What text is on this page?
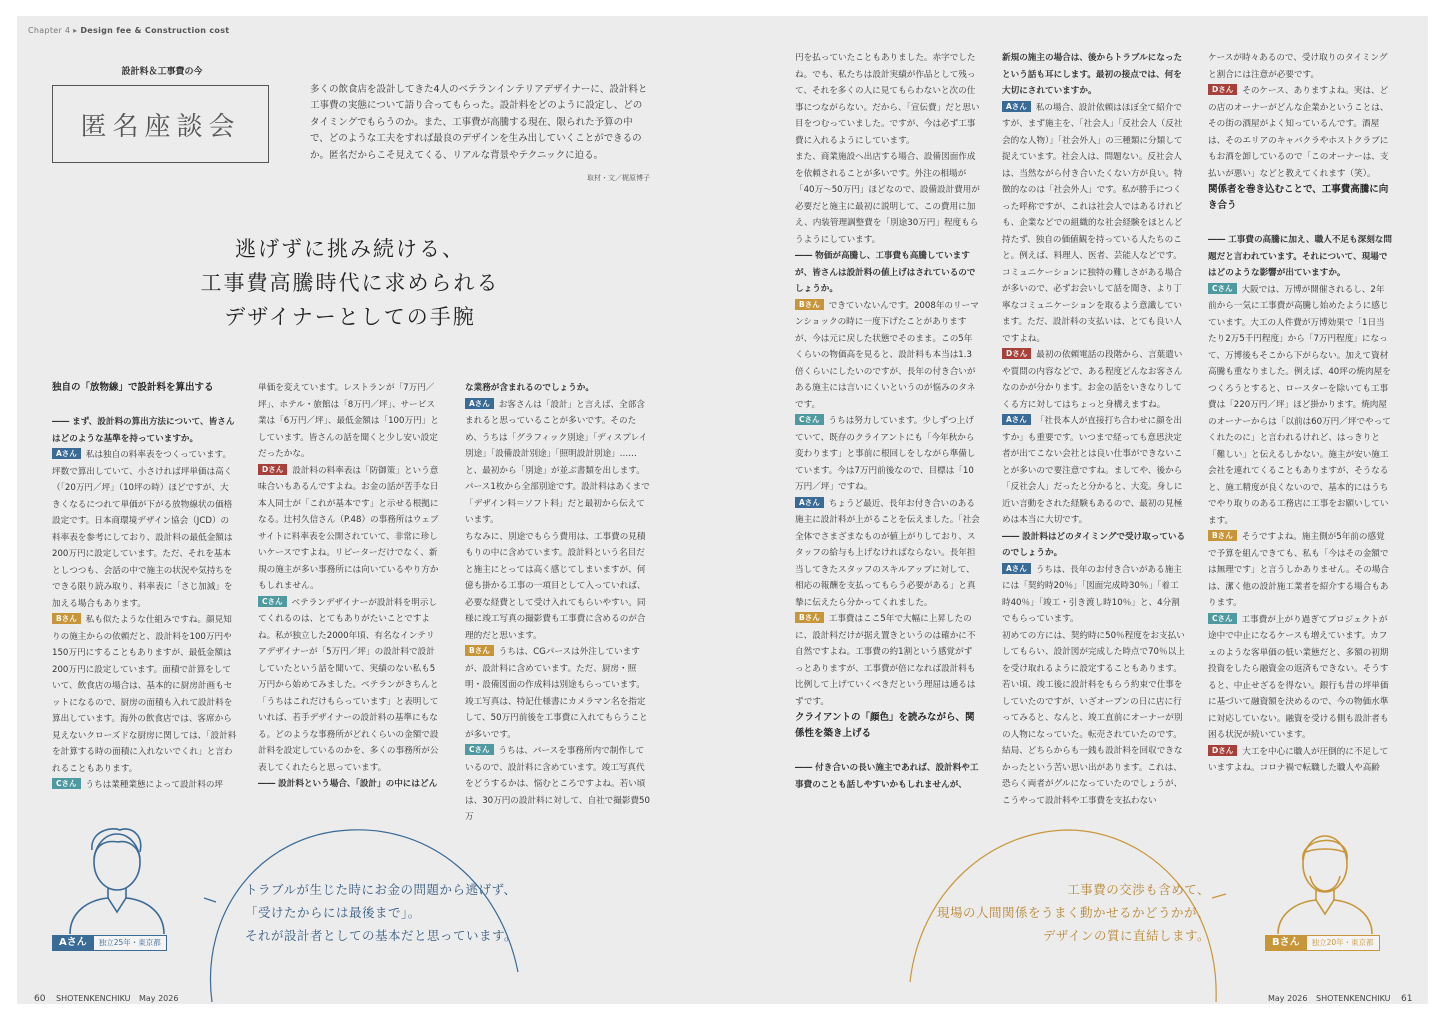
Chapter 4 ▸ Design fee & Construction cost
設計料＆工事費の今
匿名座談会
多くの飲食店を設計してきた4人のベテランインテリアデザイナーに、設計料と工事費の実態について語り合ってもらった。設計料をどのように設定し、どのタイミングでもらうのか。また、工事費が高騰する現在、限られた予算の中で、どのような工夫をすれば最良のデザインを生み出していくことができるのか。匿名だからこそ見えてくる、リアルな背景やテクニックに迫る。
取材・文／梶原博子
逃げずに挑み続ける、
工事費高騰時代に求められる
デザイナーとしての手腕

独自の「放物線」で設計料を算出する

―― まず、設計料の算出方法について、皆さんはどのような基準を持っていますか。

Aさん 私は独自の料率表をつくっています。坪数で算出していて、小さければ坪単価は高く（「20万円／坪」（10坪の時）ほどですが、大きくなるにつれて単価が下がる放物線状の価格設定です。日本商環境デザイン協会（JCD）の料率表を参考にしており、設計料の最低金額は200万円に設定しています。ただ、それを基本としつつも、会話の中で施主の状況や気持ちをできる限り読み取り、料率表に「さじ加減」を加える場合もあります。

Bさん 私も似たような仕組みですね。顔見知りの施主からの依頼だと、設計料を100万円や150万円にすることもありますが、最低金額は200万円に設定しています。面積で計算をしていて、飲食店の場合は、基本的に厨房計画もセットになるので、厨房の面積も入れて設計料を算出しています。海外の飲食店では、客席から見えないクローズドな厨房に関しては、「設計料を計算する時の面積に入れないでくれ」と言われることもあります。

Cさん うちは業種業態によって設計料の坪

単価を変えています。レストランが「7万円／坪」、ホテル・旅館は「8万円／坪」、サービス業は「6万円／坪」、最低金額は「100万円」としています。皆さんの話を聞くと少し安い設定だったかな。

Dさん 設計料の料率表は「防御策」という意味合いもあるんですよね。お金の話が苦手な日本人同士が「これが基本です」と示せる根拠になる。辻村久信さん（P.48）の事務所はウェブサイトに料率表を公開されていて、非常に珍しいケースですよね。リピーターだけでなく、新規の施主が多い事務所には向いているやり方かもしれません。

Cさん ベテランデザイナーが設計料を明示してくれるのは、とてもありがたいことですよね。私が独立した2000年頃、有名なインテリアデザイナーが「5万円／坪」の設計料で設計していたという話を聞いて、実績のない私も5万円から始めてみました。ベテランがきちんと「うちはこれだけもらっています」と表明していれば、若手デザイナーの設計料の基準にもなる。どのような事務所がどれくらいの金額で設計料を設定しているのかを、多くの事務所が公表してくれたらと思っています。

―― 設計料という場合、「設計」の中にはどん

な業務が含まれるのでしょうか。

Aさん お客さんは「設計」と言えば、全部含まれると思っていることが多いです。そのため、うちは「グラフィック別途」「ディスプレイ別途」「設備設計別途」「照明設計別途」……と、最初から「別途」が並ぶ書類を出します。パース1枚から全部別途です。設計料はあくまで「デザイン料＝ソフト料」だと最初から伝えています。

ちなみに、別途でもらう費用は、工事費の見積もりの中に含めています。設計料という名目だと施主にとっては高く感じてしまいますが、何億も掛かる工事の一項目として入っていれば、必要な経費として受け入れてもらいやすい。同様に竣工写真の撮影費も工事費に含めるのが合理的だと思います。

Bさん うちは、CGパースは外注していますが、設計料に含めています。ただ、厨房・照明・設備図面の作成料は別途もらっています。竣工写真は、特記仕様書にカメラマン名を指定して、50万円前後を工事費に入れてもらうことが多いです。

Cさん うちは、パースを事務所内で制作しているので、設計料に含めています。竣工写真代をどうするかは、悩むところですよね。若い頃は、30万円の設計料に対して、自社で撮影費50万

円を払っていたこともありました。赤字でしたね。でも、私たちは設計実績が作品として残って、それを多くの人に見てもらわないと次の仕事につながらない。だから、「宣伝費」だと思い目をつむっていました。ですが、今は必ず工事費に入れるようにしています。

また、商業施設へ出店する場合、設備図面作成を依頼されることが多いです。外注の相場が「40万〜50万円」ほどなので、設備設計費用が必要だと施主に最初に説明して、この費用に加え、内装管理調整費を「別途30万円」程度もらうようにしています。

―― 物価が高騰し、工事費も高騰していますが、皆さんは設計料の値上げはされているのでしょうか。

Bさん できていないんです。2008年のリーマンショックの時に一度下げたことがありますが、今は元に戻した状態でそのまま。この5年くらいの物価高を見ると、設計料も本当は1.3倍くらいにしたいのですが、長年の付き合いがある施主には言いにくいというのが悩みのタネです。

Cさん うちは努力しています。少しずつ上げていて、既存のクライアントにも「今年秋から変わります」と事前に根回しをしながら準備しています。今は7万円前後なので、目標は「10万円／坪」ですね。

Aさん ちょうど最近、長年お付き合いのある施主に設計料が上がることを伝えました。「社会全体でさまざまなものが値上がりしており、スタッフの給与も上げなければならない。長年担当してきたスタッフのスキルアップに対して、相応の報酬を支払ってもらう必要がある」と真摯に伝えたら分かってくれました。

Bさん 工事費はここ5年で大幅に上昇したのに、設計料だけが据え置きというのは確かに不自然ですよね。工事費の約1割という感覚がずっとありますが、工事費が倍になれば設計料も比例して上げていくべきだという理屈は通るはずです。

クライアントの「顔色」を読みながら、関係性を築き上げる

―― 付き合いの長い施主であれば、設計料や工事費のことも話しやすいかもしれませんが、

新規の施主の場合は、後からトラブルになったという話も耳にします。最初の接点では、何を大切にされていますか。

Aさん 私の場合、設計依頼はほぼ全て紹介ですが、まず施主を、「社会人」「反社会人（反社会的な人物）」「社会外人」の三種類に分類して捉えています。社会人は、問題ない。反社会人は、当然ながら付き合いたくない方が良い。特徴的なのは「社会外人」です。私が勝手につくった呼称ですが、これは社会人ではあるけれども、企業などでの組織的な社会経験をほとんど持たず、独自の価値観を持っている人たちのこと。例えば、料理人、医者、芸能人などです。コミュニケーションに独特の難しさがある場合が多いので、必ずお会いして話を聞き、より丁寧なコミュニケーションを取るよう意識しています。ただ、設計料の支払いは、とても良い人ですよね。

Dさん 最初の依頼電話の段階から、言葉遣いや質問の内容などで、ある程度どんなお客さんなのかが分かります。お金の話をいきなりしてくる方に対してはちょっと身構えますね。

Aさん 「社長本人が直接打ち合わせに顔を出すか」も重要です。いつまで経っても意思決定者が出てこない会社とは良い仕事ができないことが多いので要注意ですね。ましてや、後から「反社会人」だったと分かると、大変。身しに近い言動をされた経験もあるので、最初の見極めは本当に大切です。

―― 設計料はどのタイミングで受け取っているのでしょうか。

Aさん うちは、長年のお付き合いがある施主には「契約時20％」「図面完成時30％」「着工時40％」「竣工・引き渡し時10％」と、4分割でもらっています。

初めての方には、契約時に50％程度をお支払いしてもらい、設計図が完成した時点で70％以上を受け取れるように設定することもあります。若い頃、竣工後に設計料をもらう約束で仕事をしていたのですが、いざオープンの日に店に行ってみると、なんと、竣工直前にオーナーが別の人物になっていた。転売されていたのです。結局、どちらからも一銭も設計料を回収できなかったという苦い思い出があります。これは、恐らく両者がグルになっていたのでしょうが、こうやって設計料や工事費を支払わない

ケースが時々あるので、受け取りのタイミングと割合には注意が必要です。

Dさん そのケース、ありますよね。実は、どの店のオーナーがどんな企業かということは、その街の酒屋がよく知っているんです。酒屋は、そのエリアのキャバクラやホストクラブにもお酒を卸しているので「このオーナーは、支払いが悪い」などと教えてくれます（笑）。

関係者を巻き込むことで、工事費高騰に向き合う

―― 工事費の高騰に加え、職人不足も深刻な問題だと言われています。それについて、現場ではどのような影響が出ていますか。

Cさん 大阪では、万博が開催されるし、2年前から一気に工事費が高騰し始めたように感じています。大工の人件費が万博効果で「1日当たり2万5千円程度」から「7万円程度」になって、万博後もそこから下がらない。加えて資材高騰も重なりました。例えば、40坪の焼肉屋をつくろうとすると、ロースターを除いても工事費は「220万円／坪」ほど掛かります。焼肉屋のオーナーからは「以前は60万円／坪でやってくれたのに」と言われるけれど、はっきりと「難しい」と伝えるしかない。施主が安い施工会社を連れてくることもありますが、そうなると、施工精度が良くないので、基本的にはうちでやり取りのある工務店に工事をお願いしています。

Bさん そうですよね。施主側が5年前の感覚で予算を組んできても、私も「今はその金額では無理です」と言うしかありません。その場合は、潔く他の設計施工業者を紹介する場合もあります。

Cさん 工事費が上がり過ぎてプロジェクトが途中で中止になるケースも増えています。カフェのような客単価の低い業態だと、多額の初期投資をしたら融資金の返済もできない。そうすると、中止せざるを得ない。銀行も昔の坪単価に基づいて融資額を決めるので、今の物価水準に対応していない。融資を受ける側も設計者も困る状況が続いています。

Dさん 大工を中心に職人が圧倒的に不足していますよね。コロナ禍で転職した職人や高齢

トラブルが生じた時にお金の問題から逃げず、
「受けたからには最後まで」。
それが設計者としての基本だと思っています。
工事費の交渉も含めて、
現場の人間関係をうまく動かせるかどうかが、
デザインの質に直結します。
Aさん	独立25年・東京都	Bさん	独立20年・東京都
60 SHOTENKENCHIKU May 2026	May 2026 SHOTENKENCHIKU 61
